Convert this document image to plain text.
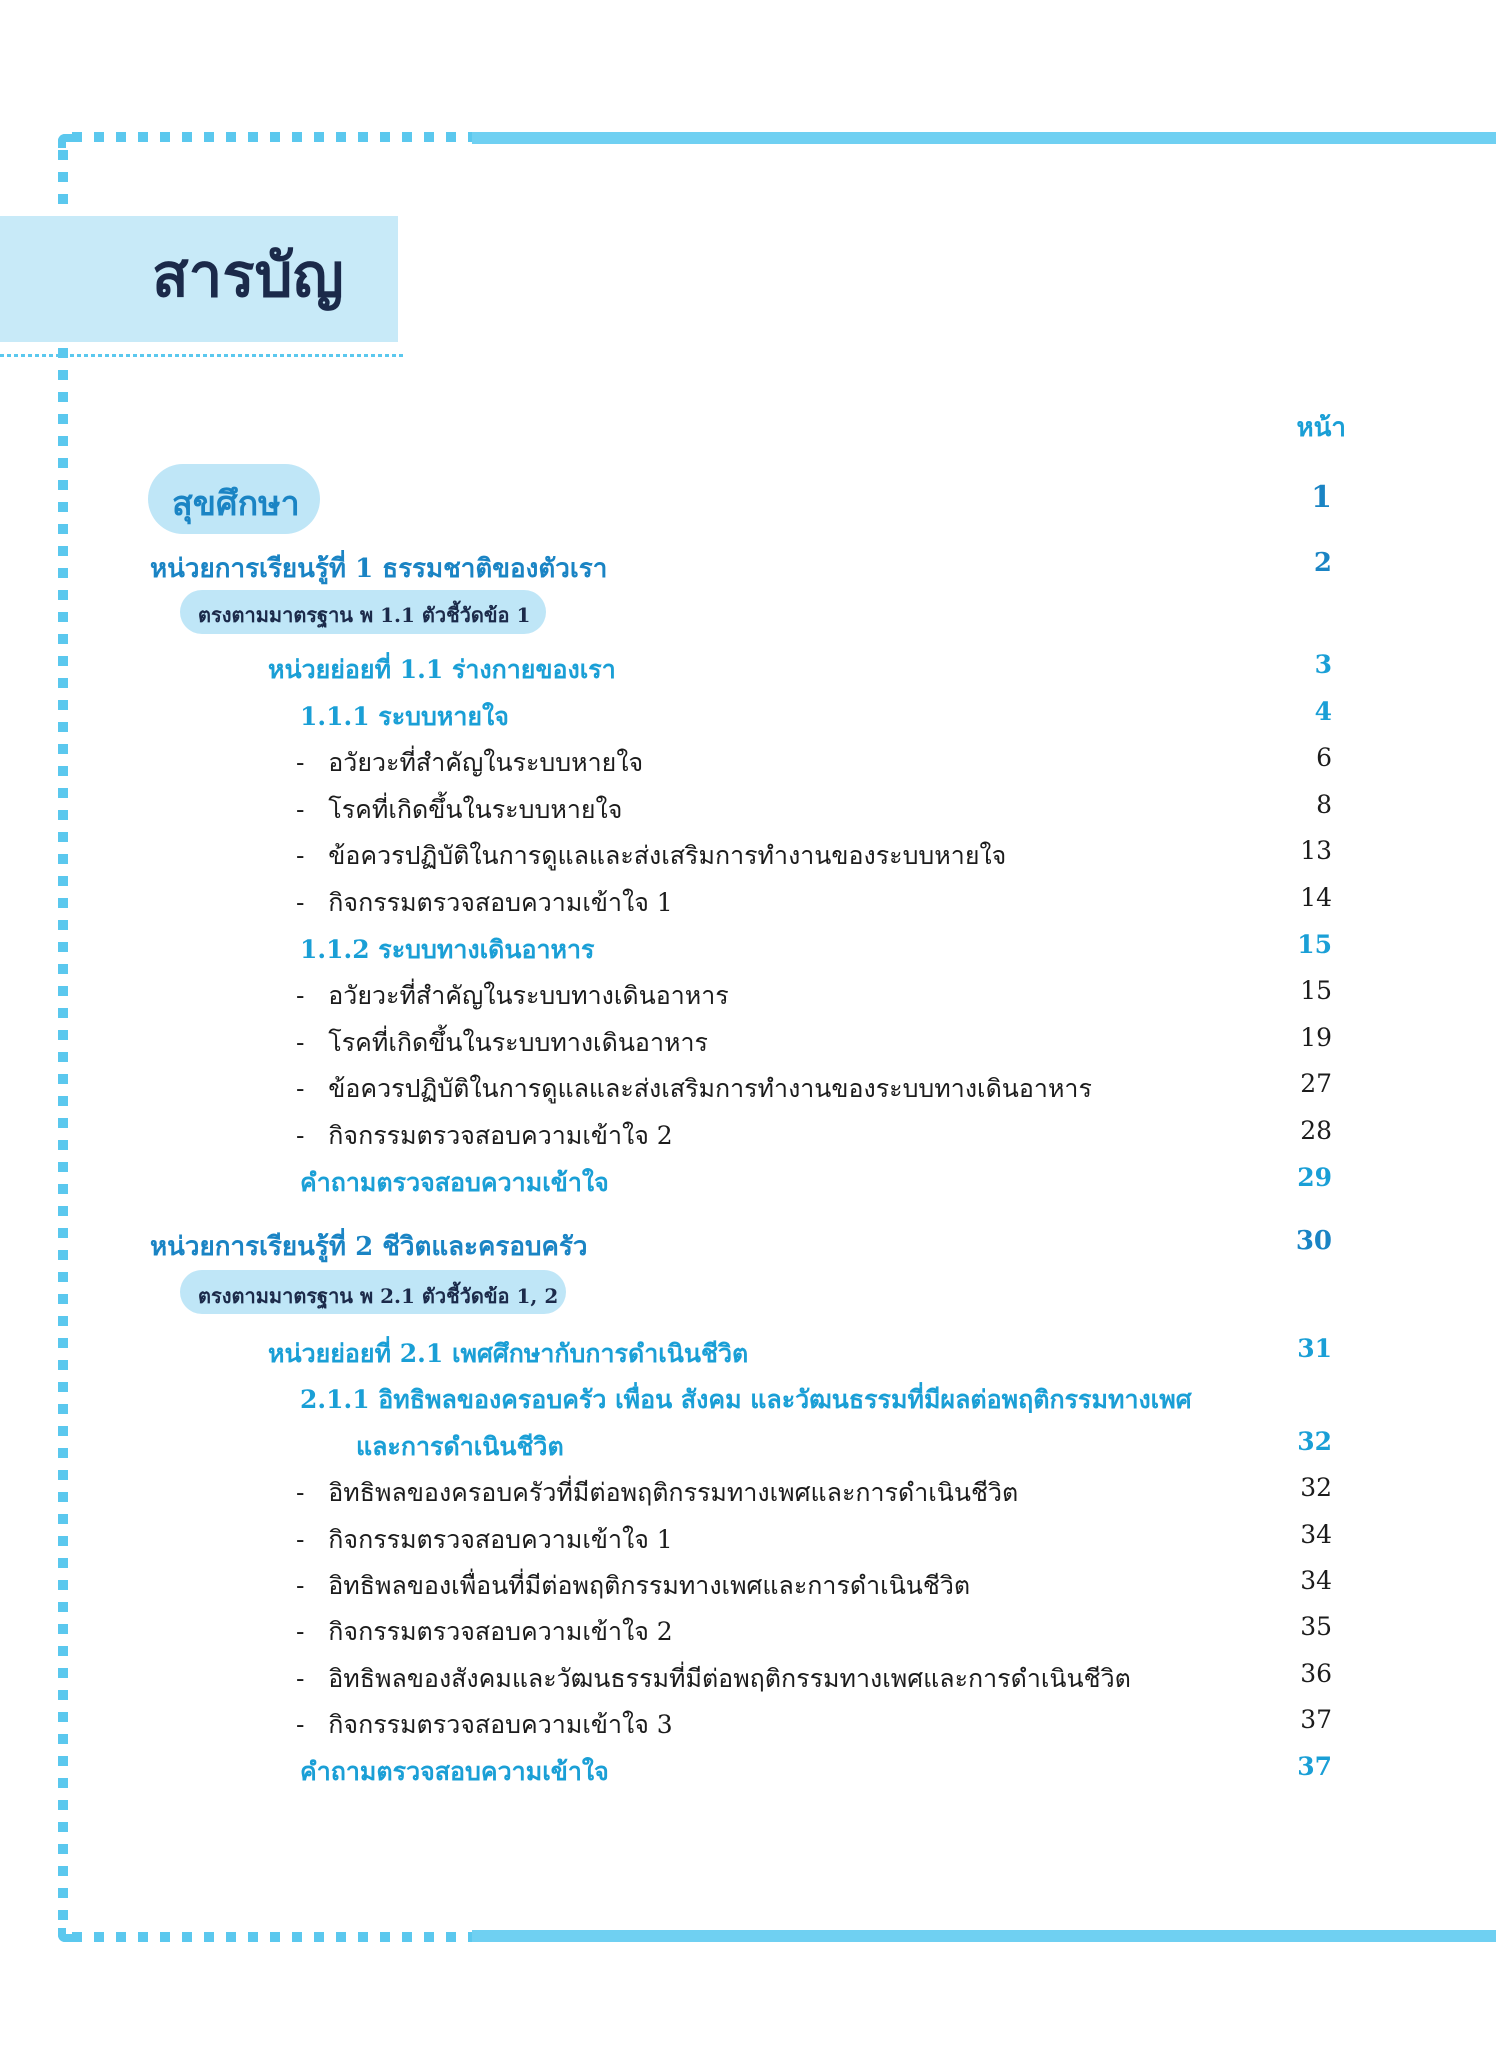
สารบัญ
หน้า
สุขศึกษา	1
หน่วยการเรียนรู้ที่ 1 ธรรมชาติของตัวเรา	2
ตรงตามมาตรฐาน พ 1.1 ตัวชี้วัดข้อ 1
หน่วยย่อยที่ 1.1 ร่างกายของเรา	3
1.1.1 ระบบหายใจ	4
-   อวัยวะที่สำคัญในระบบหายใจ	6
-   โรคที่เกิดขึ้นในระบบหายใจ	8
-   ข้อควรปฏิบัติในการดูแลและส่งเสริมการทำงานของระบบหายใจ	13
-   กิจกรรมตรวจสอบความเข้าใจ 1	14
1.1.2 ระบบทางเดินอาหาร	15
-   อวัยวะที่สำคัญในระบบทางเดินอาหาร	15
-   โรคที่เกิดขึ้นในระบบทางเดินอาหาร	19
-   ข้อควรปฏิบัติในการดูแลและส่งเสริมการทำงานของระบบทางเดินอาหาร	27
-   กิจกรรมตรวจสอบความเข้าใจ 2	28
คำถามตรวจสอบความเข้าใจ	29
หน่วยการเรียนรู้ที่ 2 ชีวิตและครอบครัว	30
ตรงตามมาตรฐาน พ 2.1 ตัวชี้วัดข้อ 1, 2
หน่วยย่อยที่ 2.1 เพศศึกษากับการดำเนินชีวิต	31
2.1.1 อิทธิพลของครอบครัว เพื่อน สังคม และวัฒนธรรมที่มีผลต่อพฤติกรรมทางเพศ
และการดำเนินชีวิต	32
-   อิทธิพลของครอบครัวที่มีต่อพฤติกรรมทางเพศและการดำเนินชีวิต	32
-   กิจกรรมตรวจสอบความเข้าใจ 1	34
-   อิทธิพลของเพื่อนที่มีต่อพฤติกรรมทางเพศและการดำเนินชีวิต	34
-   กิจกรรมตรวจสอบความเข้าใจ 2	35
-   อิทธิพลของสังคมและวัฒนธรรมที่มีต่อพฤติกรรมทางเพศและการดำเนินชีวิต	36
-   กิจกรรมตรวจสอบความเข้าใจ 3	37
คำถามตรวจสอบความเข้าใจ	37
